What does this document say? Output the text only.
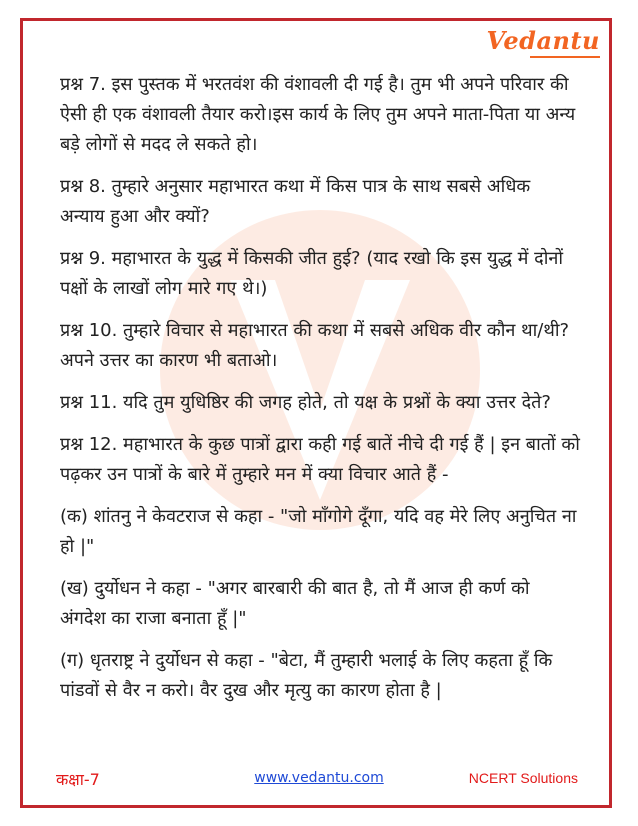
Vedantu

प्रश्न 7. इस पुस्तक में भरतवंश की वंशावली दी गई है। तुम भी अपने परिवार की ऐसी ही एक वंशावली तैयार करो।इस कार्य के लिए तुम अपने माता-पिता या अन्य बड़े लोगों से मदद ले सकते हो।

प्रश्न 8. तुम्हारे अनुसार महाभारत कथा में किस पात्र के साथ सबसे अधिक अन्याय हुआ और क्यों?

प्रश्न 9. महाभारत के युद्ध में किसकी जीत हुई? (याद रखो कि इस युद्ध में दोनों पक्षों के लाखों लोग मारे गए थे।)

प्रश्न 10. तुम्हारे विचार से महाभारत की कथा में सबसे अधिक वीर कौन था/थी? अपने उत्तर का कारण भी बताओ।

प्रश्न 11. यदि तुम युधिष्ठिर की जगह होते, तो यक्ष के प्रश्नों के क्या उत्तर देते?

प्रश्न 12. महाभारत के कुछ पात्रों द्वारा कही गई बातें नीचे दी गई हैं | इन बातों को पढ़कर उन पात्रों के बारे में तुम्हारे मन में क्या विचार आते हैं -

(क) शांतनु ने केवटराज से कहा - "जो माँगोगे दूँगा, यदि वह मेरे लिए अनुचित ना हो |"

(ख) दुर्योधन ने कहा - "अगर बारबारी की बात है, तो मैं आज ही कर्ण को अंगदेश का राजा बनाता हूँ |"

(ग) धृतराष्ट्र ने दुर्योधन से कहा - "बेटा, मैं तुम्हारी भलाई के लिए कहता हूँ कि पांडवों से वैर न करो। वैर दुख और मृत्यु का कारण होता है |

कक्षा-7	www.vedantu.com	NCERT Solutions
